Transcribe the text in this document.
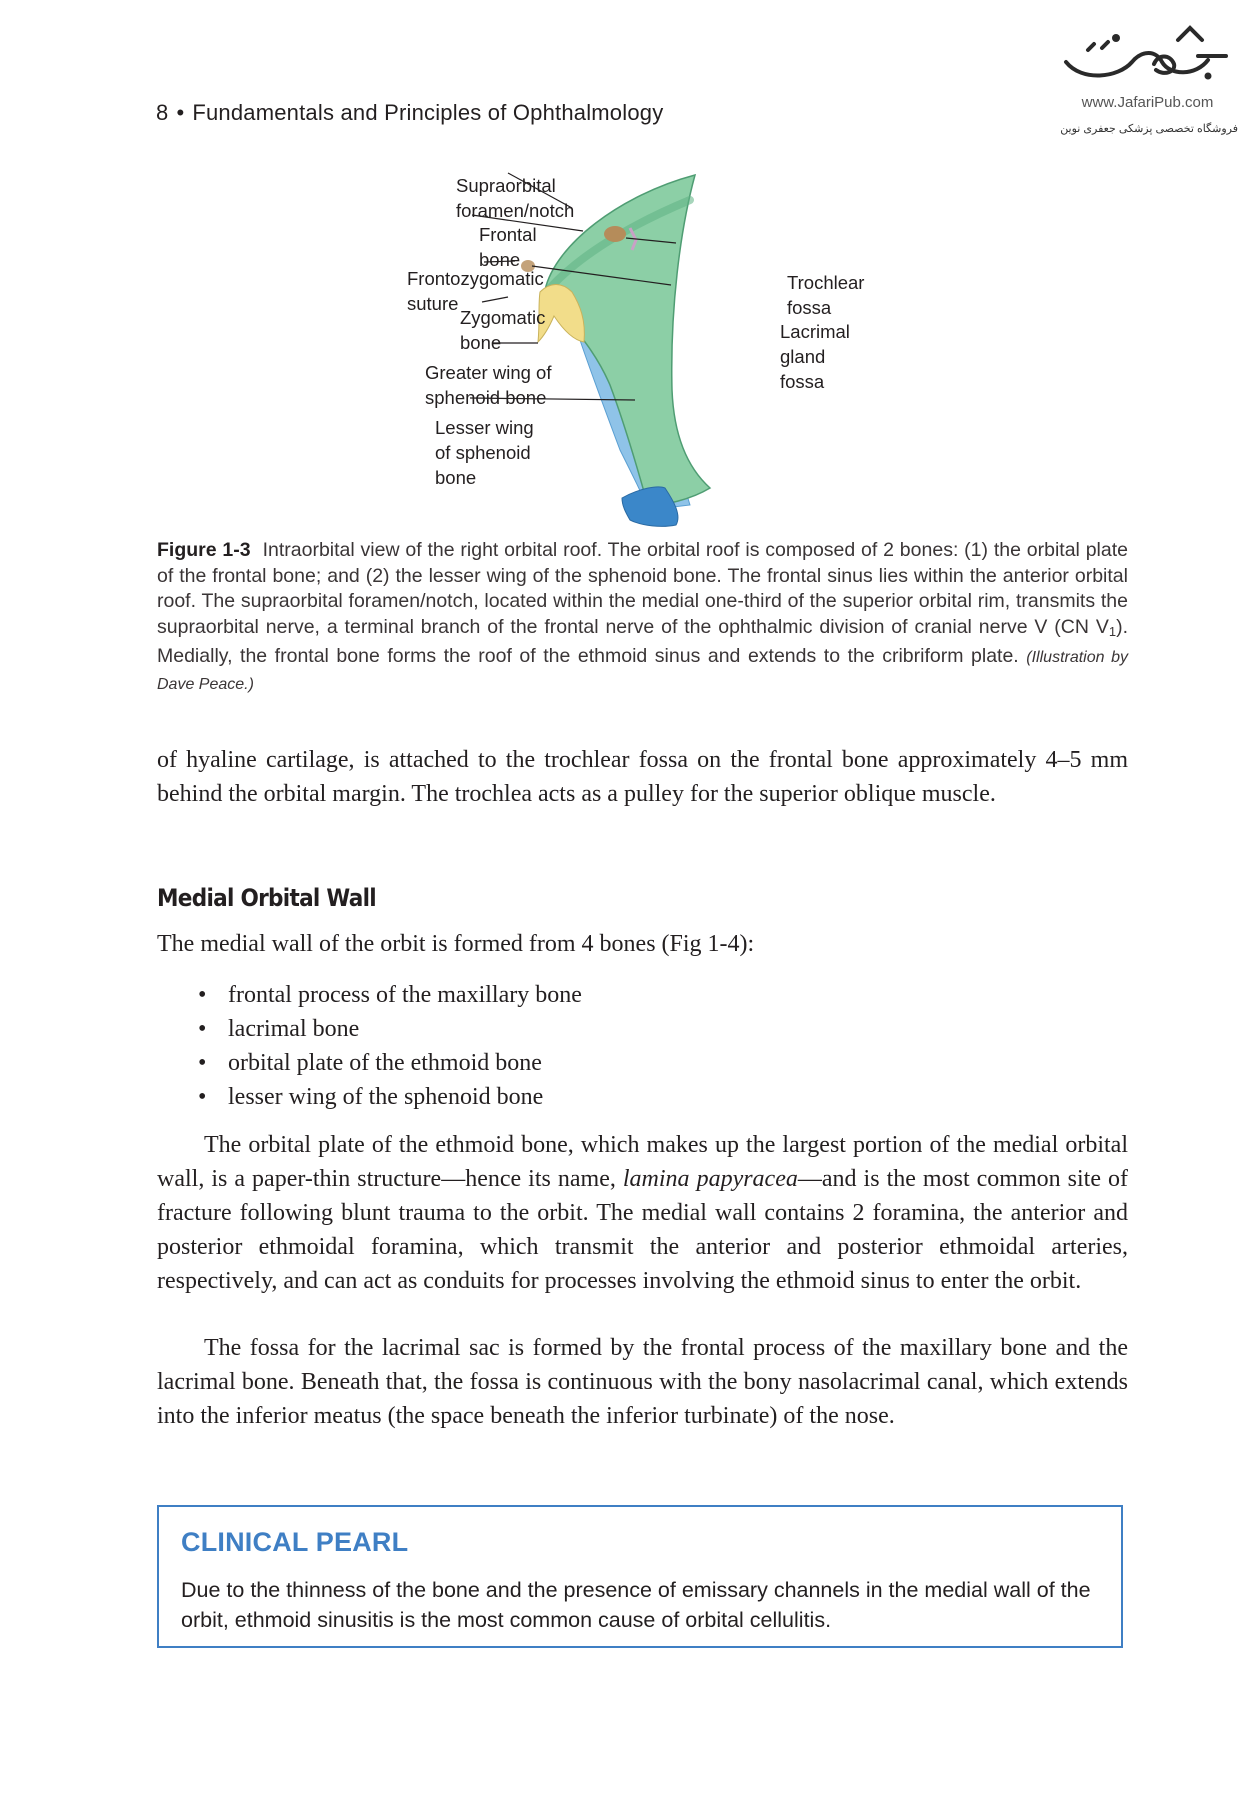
8 • Fundamentals and Principles of Ophthalmology	www.JafariPub.com
فروشگاه تخصصی پزشکی جعفری نوین
Supraorbital
foramen/notch
Frontal
bone
Frontozygomatic
suture
Zygomatic
bone
Greater wing of
sphenoid bone
Lesser wing
of sphenoid
bone
Trochlear
fossa
Lacrimal
gland
fossa
Figure 1-3 Intraorbital view of the right orbital roof. The orbital roof is composed of 2 bones: (1) the orbital plate of the frontal bone; and (2) the lesser wing of the sphenoid bone. The frontal sinus lies within the anterior orbital roof. The supraorbital foramen/notch, located within the medial one-third of the superior orbital rim, transmits the supraorbital nerve, a terminal branch of the frontal nerve of the ophthalmic division of cranial nerve V (CN $V_1$). Medially, the frontal bone forms the roof of the ethmoid sinus and extends to the cribriform plate. (Illustration by Dave Peace.)

of hyaline cartilage, is attached to the trochlear fossa on the frontal bone approximately 4–5 mm behind the orbital margin. The trochlea acts as a pulley for the superior oblique muscle.

Medial Orbital Wall

The medial wall of the orbit is formed from 4 bones (Fig 1-4):

• frontal process of the maxillary bone
• lacrimal bone
• orbital plate of the ethmoid bone
• lesser wing of the sphenoid bone

The orbital plate of the ethmoid bone, which makes up the largest portion of the medial orbital wall, is a paper-thin structure—hence its name, lamina papyracea—and is the most common site of fracture following blunt trauma to the orbit. The medial wall contains 2 foramina, the anterior and posterior ethmoidal foramina, which transmit the anterior and posterior ethmoidal arteries, respectively, and can act as conduits for processes involving the ethmoid sinus to enter the orbit.

The fossa for the lacrimal sac is formed by the frontal process of the maxillary bone and the lacrimal bone. Beneath that, the fossa is continuous with the bony nasolacrimal canal, which extends into the inferior meatus (the space beneath the inferior turbinate) of the nose.

CLINICAL PEARL
Due to the thinness of the bone and the presence of emissary channels in the medial wall of the orbit, ethmoid sinusitis is the most common cause of orbital cellulitis.
